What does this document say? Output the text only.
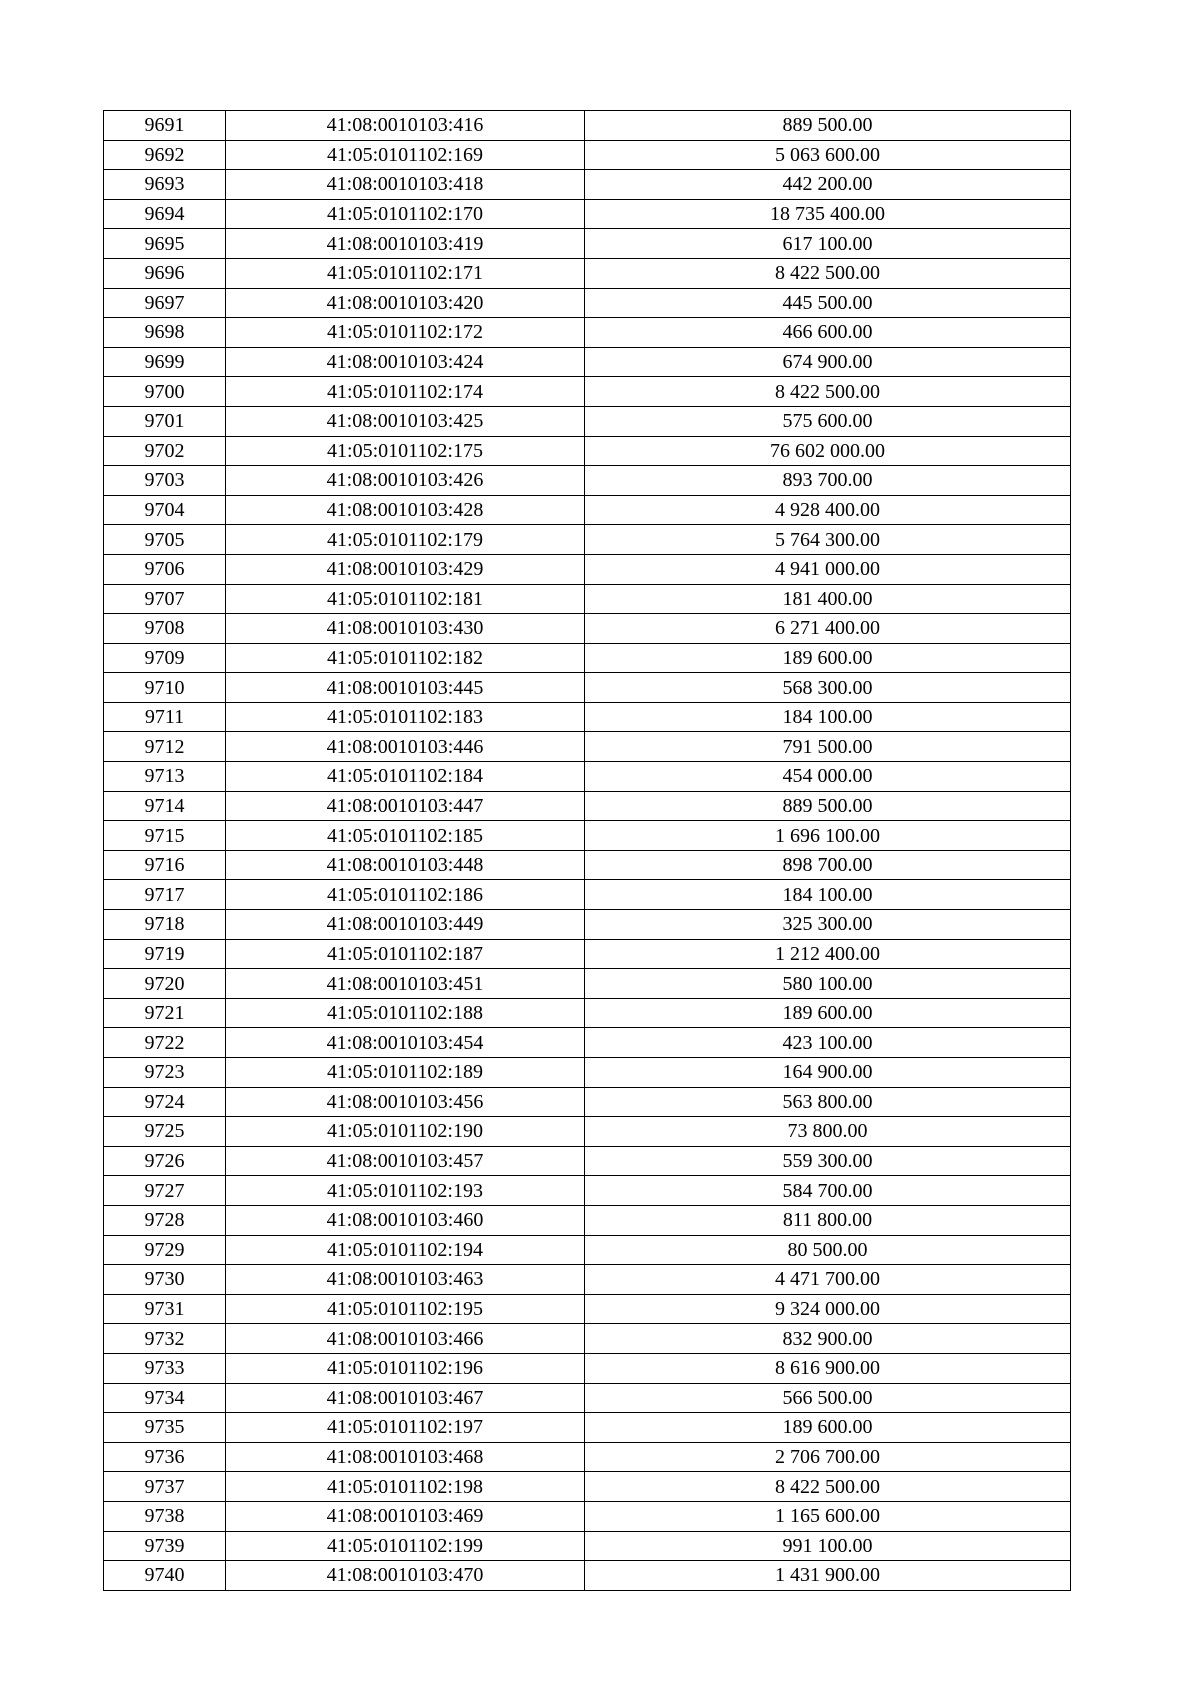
9691	41:08:0010103:416	889 500.00
9692	41:05:0101102:169	5 063 600.00
9693	41:08:0010103:418	442 200.00
9694	41:05:0101102:170	18 735 400.00
9695	41:08:0010103:419	617 100.00
9696	41:05:0101102:171	8 422 500.00
9697	41:08:0010103:420	445 500.00
9698	41:05:0101102:172	466 600.00
9699	41:08:0010103:424	674 900.00
9700	41:05:0101102:174	8 422 500.00
9701	41:08:0010103:425	575 600.00
9702	41:05:0101102:175	76 602 000.00
9703	41:08:0010103:426	893 700.00
9704	41:08:0010103:428	4 928 400.00
9705	41:05:0101102:179	5 764 300.00
9706	41:08:0010103:429	4 941 000.00
9707	41:05:0101102:181	181 400.00
9708	41:08:0010103:430	6 271 400.00
9709	41:05:0101102:182	189 600.00
9710	41:08:0010103:445	568 300.00
9711	41:05:0101102:183	184 100.00
9712	41:08:0010103:446	791 500.00
9713	41:05:0101102:184	454 000.00
9714	41:08:0010103:447	889 500.00
9715	41:05:0101102:185	1 696 100.00
9716	41:08:0010103:448	898 700.00
9717	41:05:0101102:186	184 100.00
9718	41:08:0010103:449	325 300.00
9719	41:05:0101102:187	1 212 400.00
9720	41:08:0010103:451	580 100.00
9721	41:05:0101102:188	189 600.00
9722	41:08:0010103:454	423 100.00
9723	41:05:0101102:189	164 900.00
9724	41:08:0010103:456	563 800.00
9725	41:05:0101102:190	73 800.00
9726	41:08:0010103:457	559 300.00
9727	41:05:0101102:193	584 700.00
9728	41:08:0010103:460	811 800.00
9729	41:05:0101102:194	80 500.00
9730	41:08:0010103:463	4 471 700.00
9731	41:05:0101102:195	9 324 000.00
9732	41:08:0010103:466	832 900.00
9733	41:05:0101102:196	8 616 900.00
9734	41:08:0010103:467	566 500.00
9735	41:05:0101102:197	189 600.00
9736	41:08:0010103:468	2 706 700.00
9737	41:05:0101102:198	8 422 500.00
9738	41:08:0010103:469	1 165 600.00
9739	41:05:0101102:199	991 100.00
9740	41:08:0010103:470	1 431 900.00
